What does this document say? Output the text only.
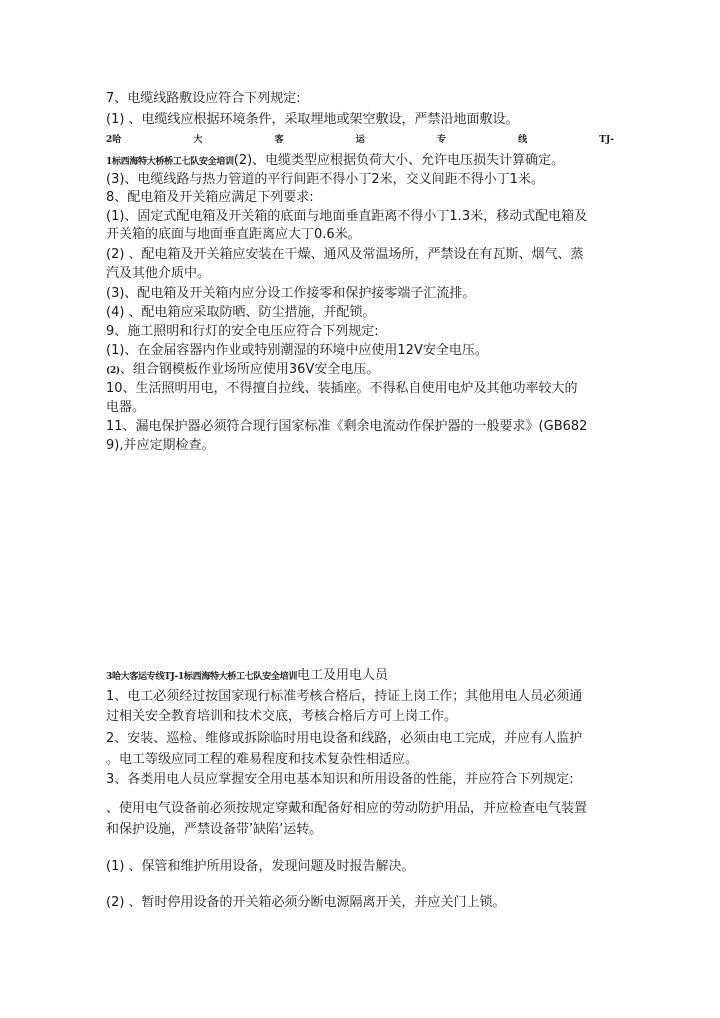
7、电缆线路敷设应符合下列规定:
(1) 、电缆线应根据环境条件，采取埋地或架空敷设，严禁沿地面敷设。
2哈	大	客	运	专	线	TJ-
1标西海特大桥桥工七队安全培训(2)、电缆类型应根据负荷大小、允许电压损失计算确定。
(3)、电缆线路与热力管道的平行间距不得小丁2米，交义间距不得小丁1米。
8、配电箱及开关箱应满足下列要求:
(1)、固定式配电箱及开关箱的底面与地面垂直距离不得小丁1.3米，移动式配电箱及
开关箱的底面与地面垂直距离应大丁0.6米。
(2) 、配电箱及开关箱应安装在干燥、通风及常温场所，严禁设在有瓦斯、烟气、蒸
汽及其他介质中。
(3)、配电箱及开关箱内应分设工作接零和保护接零端子汇流排。
(4) 、配电箱应采取防晒、防尘措施，并配锁。
9、施工照明和行灯的安全电压应符合下列规定:
(1)、在金届容器内作业或特别潮湿的环境中应使用12V安全电压。
(2)、组合钢模板作业场所应使用36V安全电压。
10、生活照明用电，不得擅自拉线、装插座。不得私自使用电炉及其他功率较大的
电器。
11、漏电保护器必须符合现行国家标准《剩余电流动作保护器的一般要求》(GB682
9),并应定期检查。
3哈大客运专线TJ-1标西海特大桥工七队安全培训电工及用电人员
1、电工必须经过按国家现行标准考核合格后，持证上岗工作；其他用电人员必须通
过相关安全教育培训和技术交底，考核合格后方可上岗工作。
2、安装、巡检、维修或拆除临时用电设备和线路，必须由电工完成，并应有人监护
。电工等级应同工程的难易程度和技术复杂性相适应。
3、各类用电人员应掌握安全用电基本知识和所用设备的性能，并应符合下列规定:
、使用电气设备前必须按规定穿戴和配备好相应的劳动防护用品，并应检查电气装置
和保护设施，严禁设备带’缺陷’运转。
(1) 、保管和维护所用设备，发现问题及时报告解决。
(2) 、暂时停用设备的开关箱必须分断电源隔离开关，并应关门上锁。
